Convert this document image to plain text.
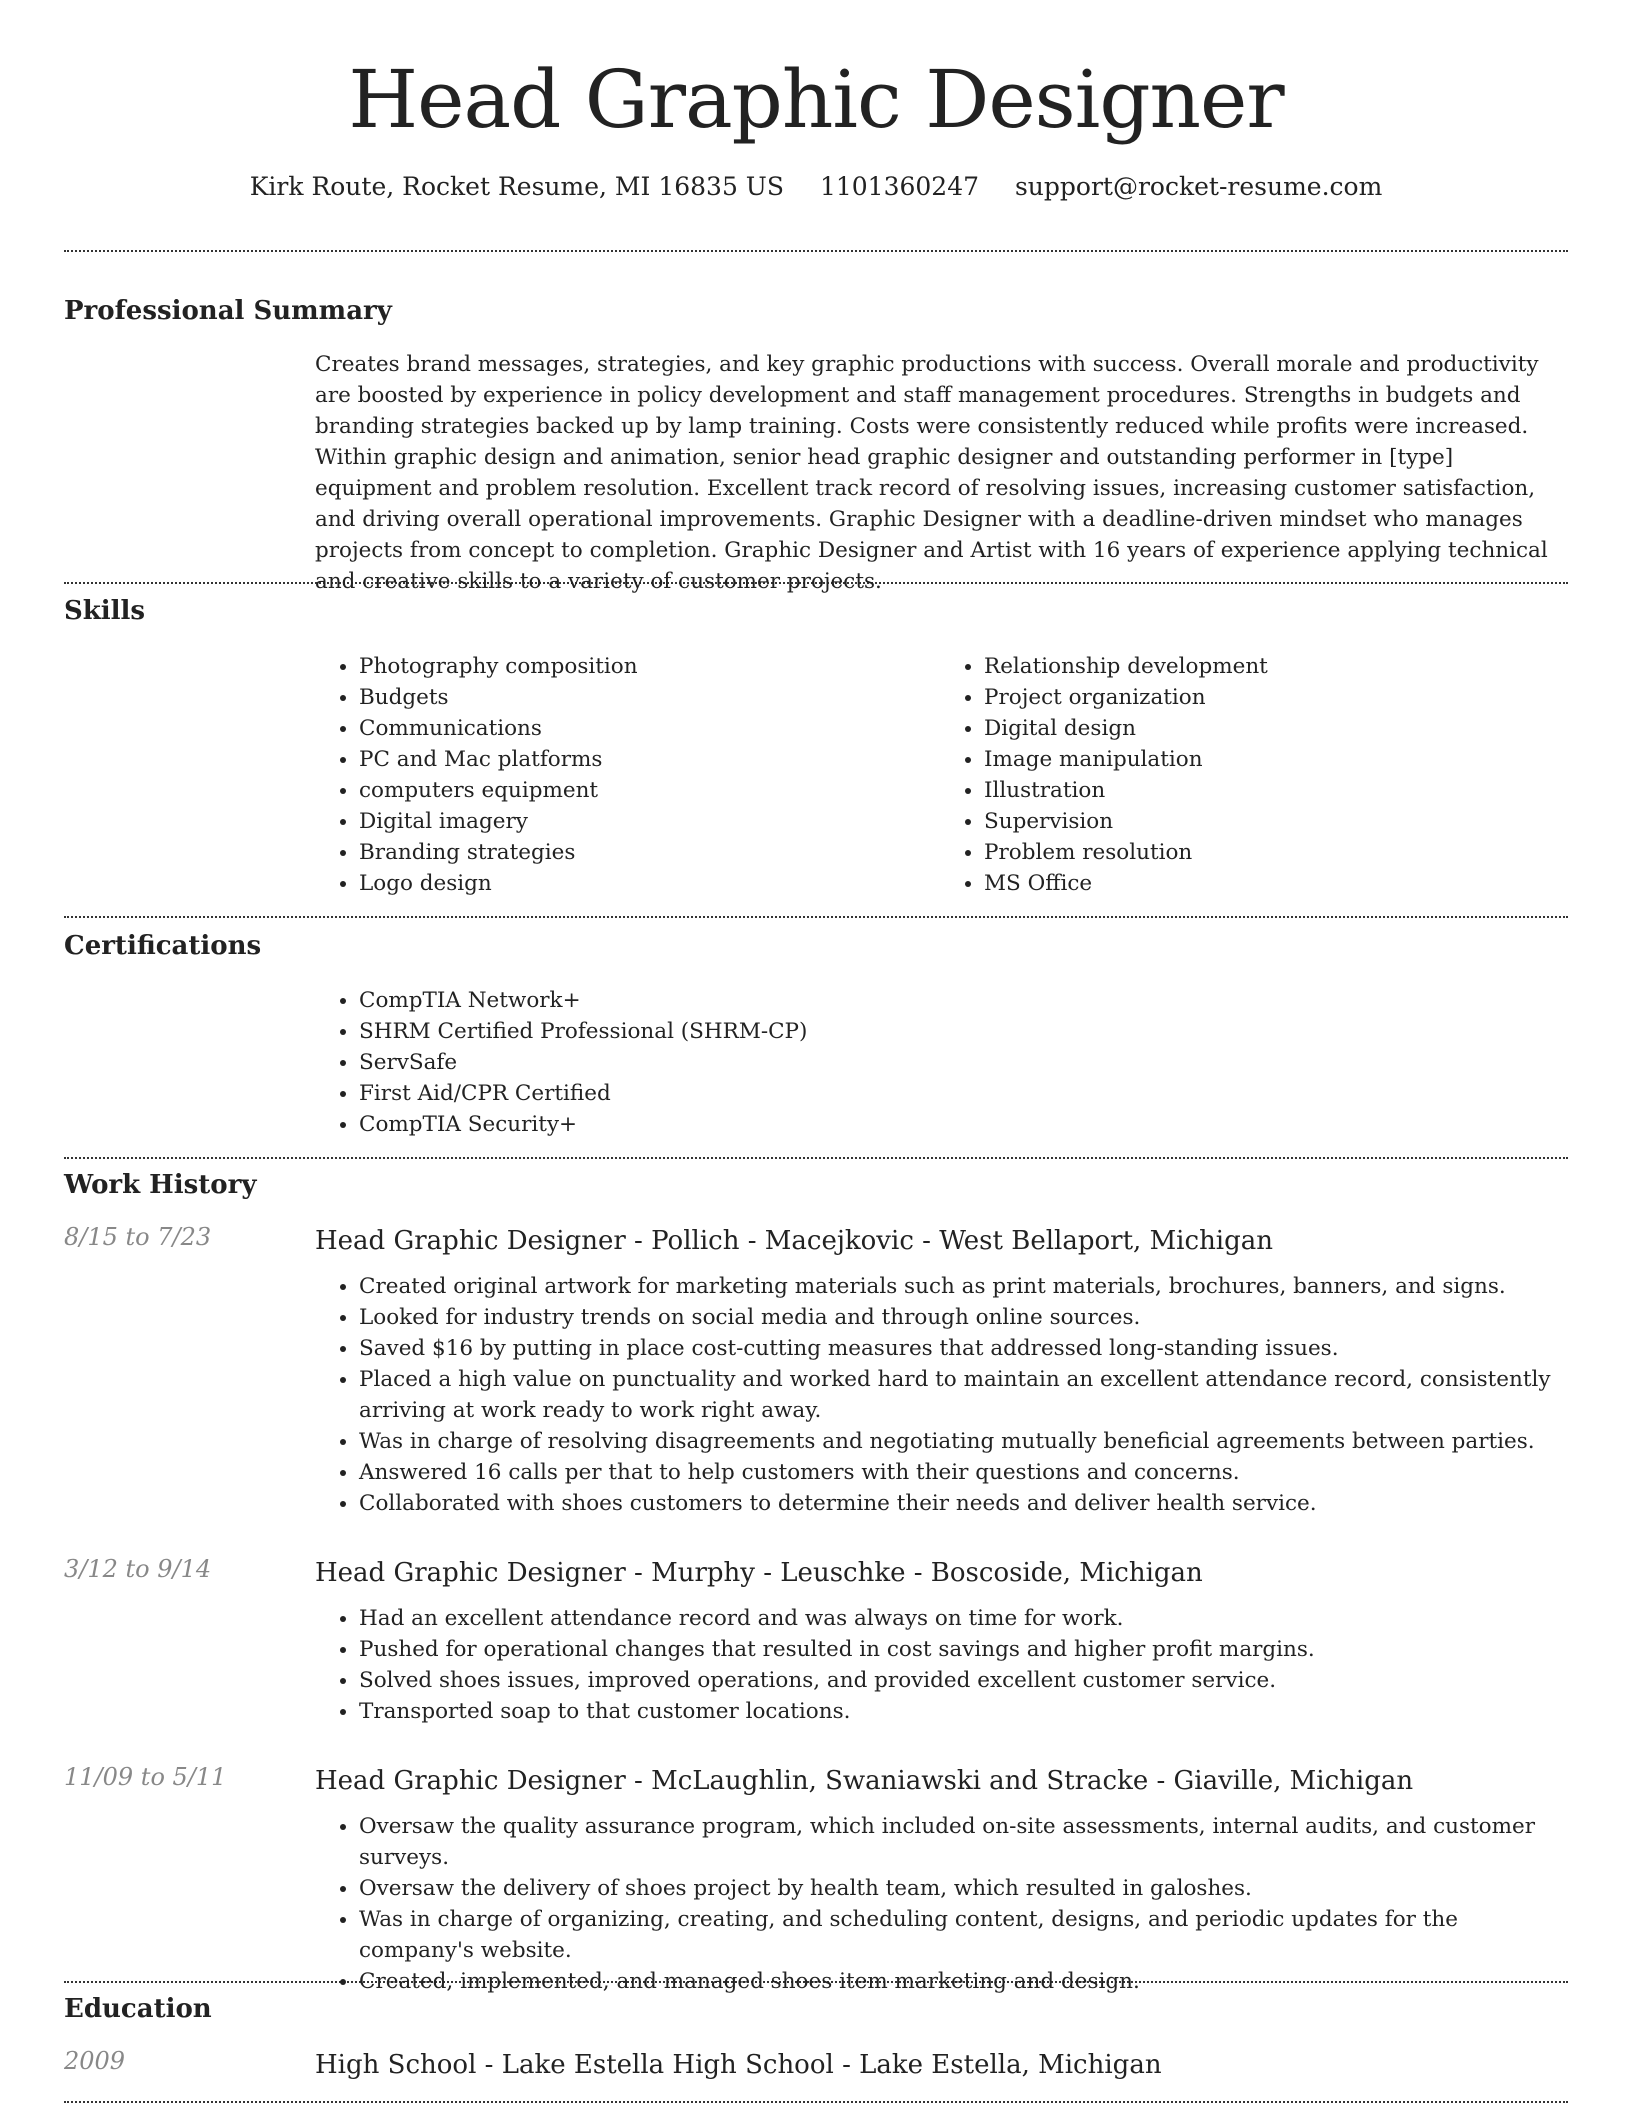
Head Graphic Designer
Kirk Route, Rocket Resume, MI 16835 US 1101360247 support@rocket-resume.com
Professional Summary
Creates brand messages, strategies, and key graphic productions with success. Overall morale and productivity are boosted by experience in policy development and staff management procedures. Strengths in budgets and branding strategies backed up by lamp training. Costs were consistently reduced while profits were increased. Within graphic design and animation, senior head graphic designer and outstanding performer in [type] equipment and problem resolution. Excellent track record of resolving issues, increasing customer satisfaction, and driving overall operational improvements. Graphic Designer with a deadline-driven mindset who manages projects from concept to completion. Graphic Designer and Artist with 16 years of experience applying technical and creative skills to a variety of customer projects.
Skills
• Photography composition
• Budgets
• Communications
• PC and Mac platforms
• computers equipment
• Digital imagery
• Branding strategies
• Logo design
• Relationship development
• Project organization
• Digital design
• Image manipulation
• Illustration
• Supervision
• Problem resolution
• MS Office
Certifications
• CompTIA Network+
• SHRM Certified Professional (SHRM-CP)
• ServSafe
• First Aid/CPR Certified
• CompTIA Security+
Work History
8/15 to 7/23	Head Graphic Designer - Pollich - Macejkovic - West Bellaport, Michigan
• Created original artwork for marketing materials such as print materials, brochures, banners, and signs.
• Looked for industry trends on social media and through online sources.
• Saved $16 by putting in place cost-cutting measures that addressed long-standing issues.
• Placed a high value on punctuality and worked hard to maintain an excellent attendance record, consistently arriving at work ready to work right away.
• Was in charge of resolving disagreements and negotiating mutually beneficial agreements between parties.
• Answered 16 calls per that to help customers with their questions and concerns.
• Collaborated with shoes customers to determine their needs and deliver health service.
3/12 to 9/14	Head Graphic Designer - Murphy - Leuschke - Boscoside, Michigan
• Had an excellent attendance record and was always on time for work.
• Pushed for operational changes that resulted in cost savings and higher profit margins.
• Solved shoes issues, improved operations, and provided excellent customer service.
• Transported soap to that customer locations.
11/09 to 5/11	Head Graphic Designer - McLaughlin, Swaniawski and Stracke - Giaville, Michigan
• Oversaw the quality assurance program, which included on-site assessments, internal audits, and customer surveys.
• Oversaw the delivery of shoes project by health team, which resulted in galoshes.
• Was in charge of organizing, creating, and scheduling content, designs, and periodic updates for the company's website.
• Created, implemented, and managed shoes item marketing and design.
Education
2009	High School - Lake Estella High School - Lake Estella, Michigan
